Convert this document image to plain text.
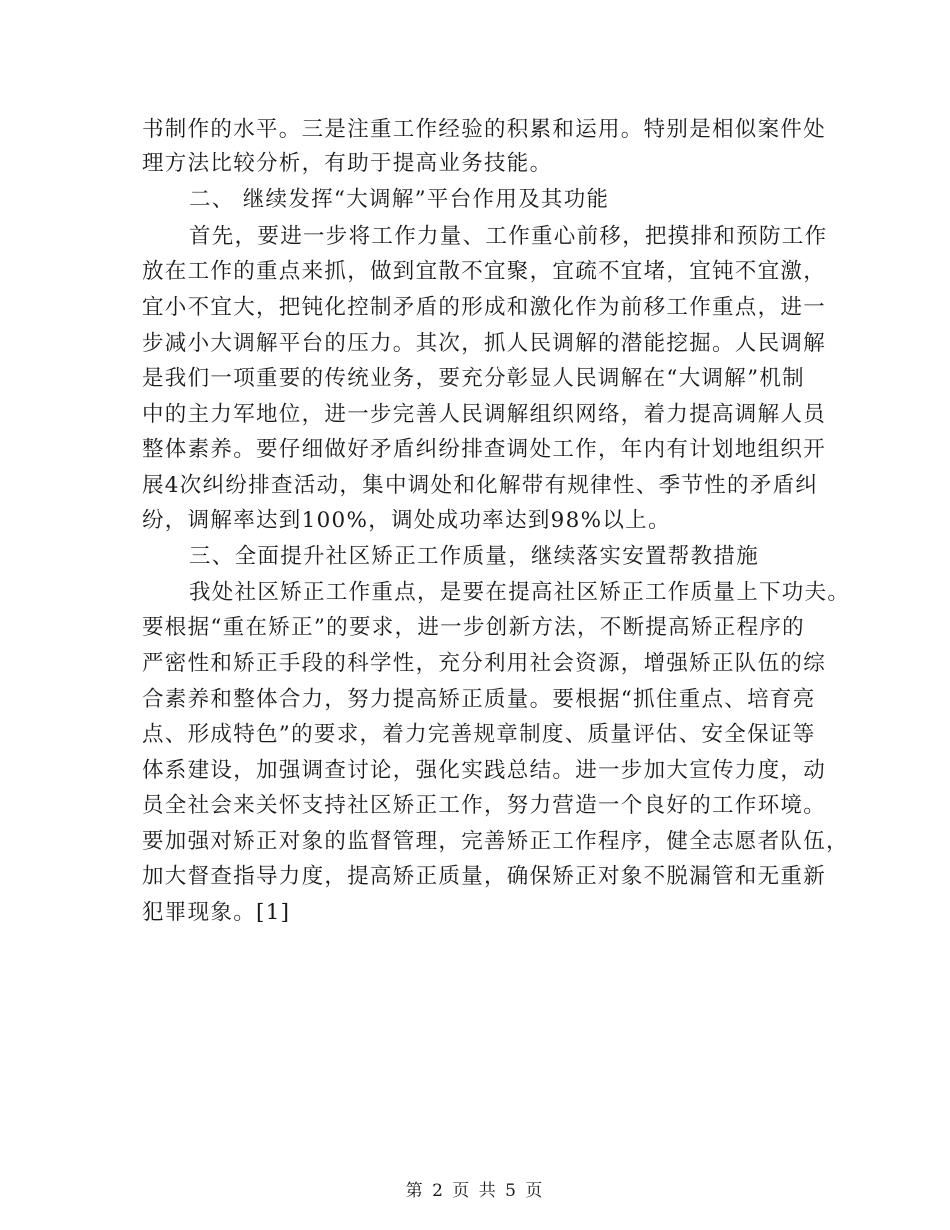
书制作的水平。三是注重工作经验的积累和运用。特别是相似案件处
理方法比较分析，有助于提高业务技能。
二、 继续发挥“大调解”平台作用及其功能
首先，要进一步将工作力量、工作重心前移，把摸排和预防工作
放在工作的重点来抓，做到宜散不宜聚，宜疏不宜堵，宜钝不宜激，
宜小不宜大，把钝化控制矛盾的形成和激化作为前移工作重点，进一
步减小大调解平台的压力。其次，抓人民调解的潜能挖掘。人民调解
是我们一项重要的传统业务，要充分彰显人民调解在“大调解”机制
中的主力军地位，进一步完善人民调解组织网络，着力提高调解人员
整体素养。要仔细做好矛盾纠纷排查调处工作，年内有计划地组织开
展4次纠纷排查活动，集中调处和化解带有规律性、季节性的矛盾纠
纷，调解率达到100%，调处成功率达到98%以上。
三、全面提升社区矫正工作质量，继续落实安置帮教措施
我处社区矫正工作重点，是要在提高社区矫正工作质量上下功夫。
要根据“重在矫正”的要求，进一步创新方法，不断提高矫正程序的
严密性和矫正手段的科学性，充分利用社会资源，增强矫正队伍的综
合素养和整体合力，努力提高矫正质量。要根据“抓住重点、培育亮
点、形成特色”的要求，着力完善规章制度、质量评估、安全保证等
体系建设，加强调查讨论，强化实践总结。进一步加大宣传力度，动
员全社会来关怀支持社区矫正工作，努力营造一个良好的工作环境。
要加强对矫正对象的监督管理，完善矫正工作程序，健全志愿者队伍，
加大督查指导力度，提高矫正质量，确保矫正对象不脱漏管和无重新
犯罪现象。[1]
第 2 页 共 5 页
